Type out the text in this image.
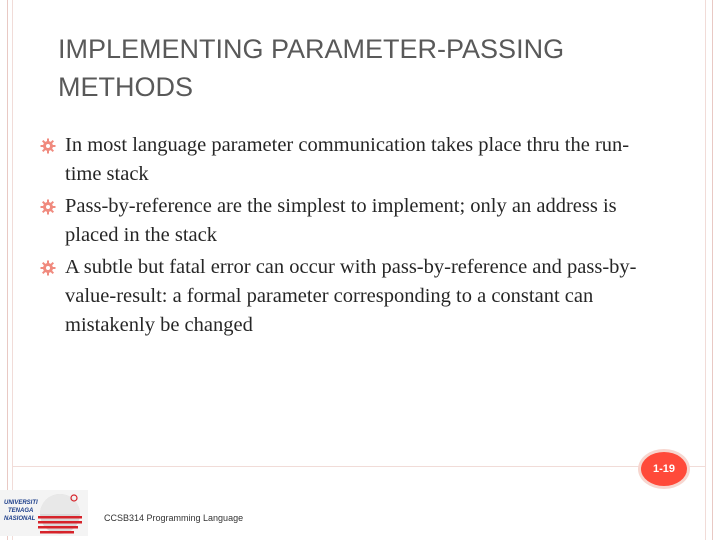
IMPLEMENTING PARAMETER-PASSING METHODS
In most language parameter communication takes place thru the run-time stack
Pass-by-reference are the simplest to implement; only an address is placed in the stack
A subtle but fatal error can occur with pass-by-reference and pass-by-value-result: a formal parameter corresponding to a constant can mistakenly be changed
1-19
UNIVERSITI
TENAGA
NASIONAL	CCSB314 Programming Language
